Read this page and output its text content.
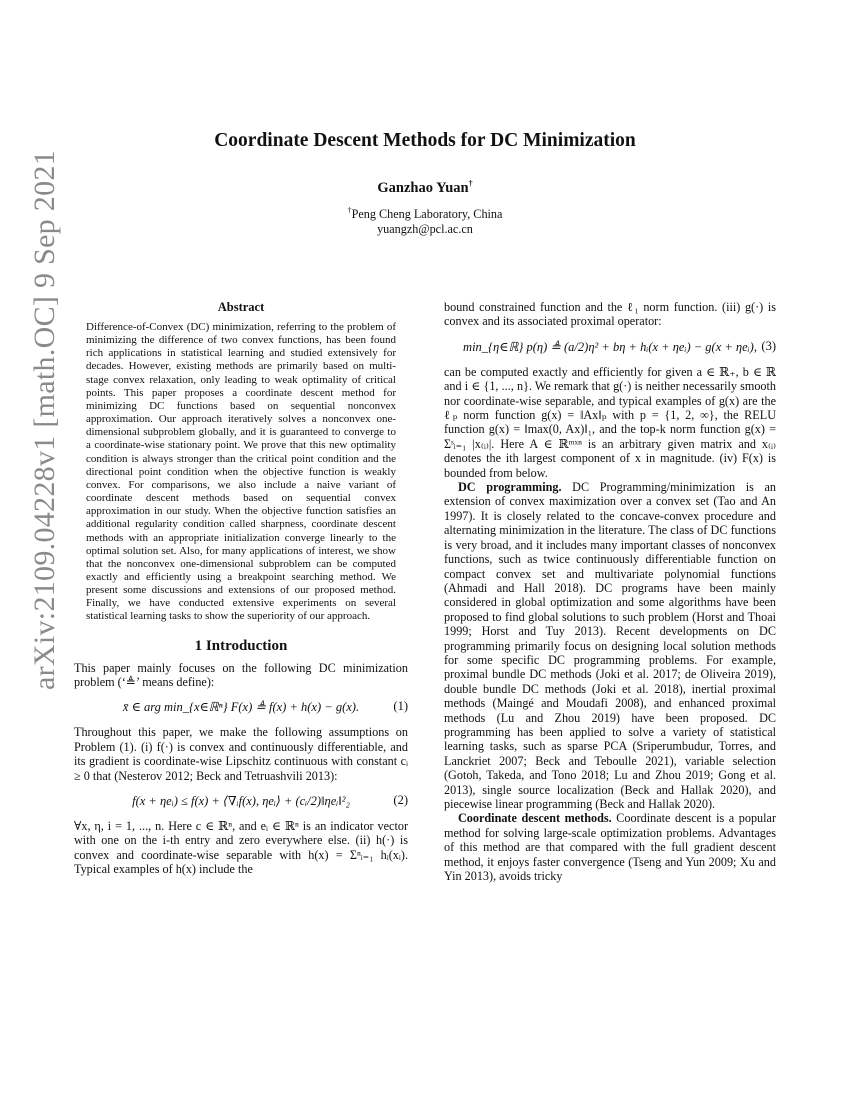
arXiv:2109.04228v1 [math.OC] 9 Sep 2021
Coordinate Descent Methods for DC Minimization
Ganzhao Yuan†
†Peng Cheng Laboratory, China
yuangzh@pcl.ac.cn
Abstract

Difference-of-Convex (DC) minimization, referring to the problem of minimizing the difference of two convex functions, has been found rich applications in statistical learning and studied extensively for decades. However, existing methods are primarily based on multi-stage convex relaxation, only leading to weak optimality of critical points. This paper proposes a coordinate descent method for minimizing DC functions based on sequential nonconvex approximation. Our approach iteratively solves a nonconvex one-dimensional subproblem globally, and it is guaranteed to converge to a coordinate-wise stationary point. We prove that this new optimality condition is always stronger than the critical point condition and the directional point condition when the objective function is weakly convex. For comparisons, we also include a naive variant of coordinate descent methods based on sequential convex approximation in our study. When the objective function satisfies an additional regularity condition called sharpness, coordinate descent methods with an appropriate initialization converge linearly to the optimal solution set. Also, for many applications of interest, we show that the nonconvex one-dimensional subproblem can be computed exactly and efficiently using a breakpoint searching method. We present some discussions and extensions of our proposed method. Finally, we have conducted extensive experiments on several statistical learning tasks to show the superiority of our approach.

1 Introduction

This paper mainly focuses on the following DC minimization problem (‘≜’ means define):

x̄ ∈ arg min_{x∈ℝⁿ} F(x) ≜ f(x) + h(x) − g(x).	(1)

Throughout this paper, we make the following assumptions on Problem (1). (i) f(·) is convex and continuously differentiable, and its gradient is coordinate-wise Lipschitz continuous with constant cᵢ ≥ 0 that (Nesterov 2012; Beck and Tetruashvili 2013):

f(x + ηeᵢ) ≤ f(x) + ⟨∇ᵢf(x), ηeᵢ⟩ + (cᵢ/2)‖ηeᵢ‖²₂	(2)

∀x, η, i = 1, ..., n. Here c ∈ ℝⁿ, and eᵢ ∈ ℝⁿ is an indicator vector with one on the i-th entry and zero everywhere else. (ii) h(·) is convex and coordinate-wise separable with h(x) = Σⁿᵢ₌₁ hᵢ(xᵢ). Typical examples of h(x) include the

bound constrained function and the ℓ₁ norm function. (iii) g(·) is convex and its associated proximal operator:

min_{η∈ℝ} p(η) ≜ (a/2)η² + bη + hᵢ(x + ηeᵢ) − g(x + ηeᵢ), (3)

can be computed exactly and efficiently for given a ∈ ℝ₊, b ∈ ℝ and i ∈ {1, ..., n}. We remark that g(·) is neither necessarily smooth nor coordinate-wise separable, and typical examples of g(x) are the ℓₚ norm function g(x) = ‖Ax‖ₚ with p = {1, 2, ∞}, the RELU function g(x) = ‖max(0, Ax)‖₁, and the top-k norm function g(x) = Σˢᵢ₌₁ |x₍ᵢ₎|. Here A ∈ ℝᵐˣⁿ is an arbitrary given matrix and x₍ᵢ₎ denotes the ith largest component of x in magnitude. (iv) F(x) is bounded from below.

DC programming. DC Programming/minimization is an extension of convex maximization over a convex set (Tao and An 1997). It is closely related to the concave-convex procedure and alternating minimization in the literature. The class of DC functions is very broad, and it includes many important classes of nonconvex functions, such as twice continuously differentiable function on compact convex set and multivariate polynomial functions (Ahmadi and Hall 2018). DC programs have been mainly considered in global optimization and some algorithms have been proposed to find global solutions to such problem (Horst and Thoai 1999; Horst and Tuy 2013). Recent developments on DC programming primarily focus on designing local solution methods for some specific DC programming problems. For example, proximal bundle DC methods (Joki et al. 2017; de Oliveira 2019), double bundle DC methods (Joki et al. 2018), inertial proximal methods (Maingé and Moudafi 2008), and enhanced proximal methods (Lu and Zhou 2019) have been proposed. DC programming has been applied to solve a variety of statistical learning tasks, such as sparse PCA (Sriperumbudur, Torres, and Lanckriet 2007; Beck and Teboulle 2021), variable selection (Gotoh, Takeda, and Tono 2018; Lu and Zhou 2019; Gong et al. 2013), single source localization (Beck and Hallak 2020), and piecewise linear programming (Beck and Hallak 2020).

Coordinate descent methods. Coordinate descent is a popular method for solving large-scale optimization problems. Advantages of this method are that compared with the full gradient descent method, it enjoys faster convergence (Tseng and Yun 2009; Xu and Yin 2013), avoids tricky
